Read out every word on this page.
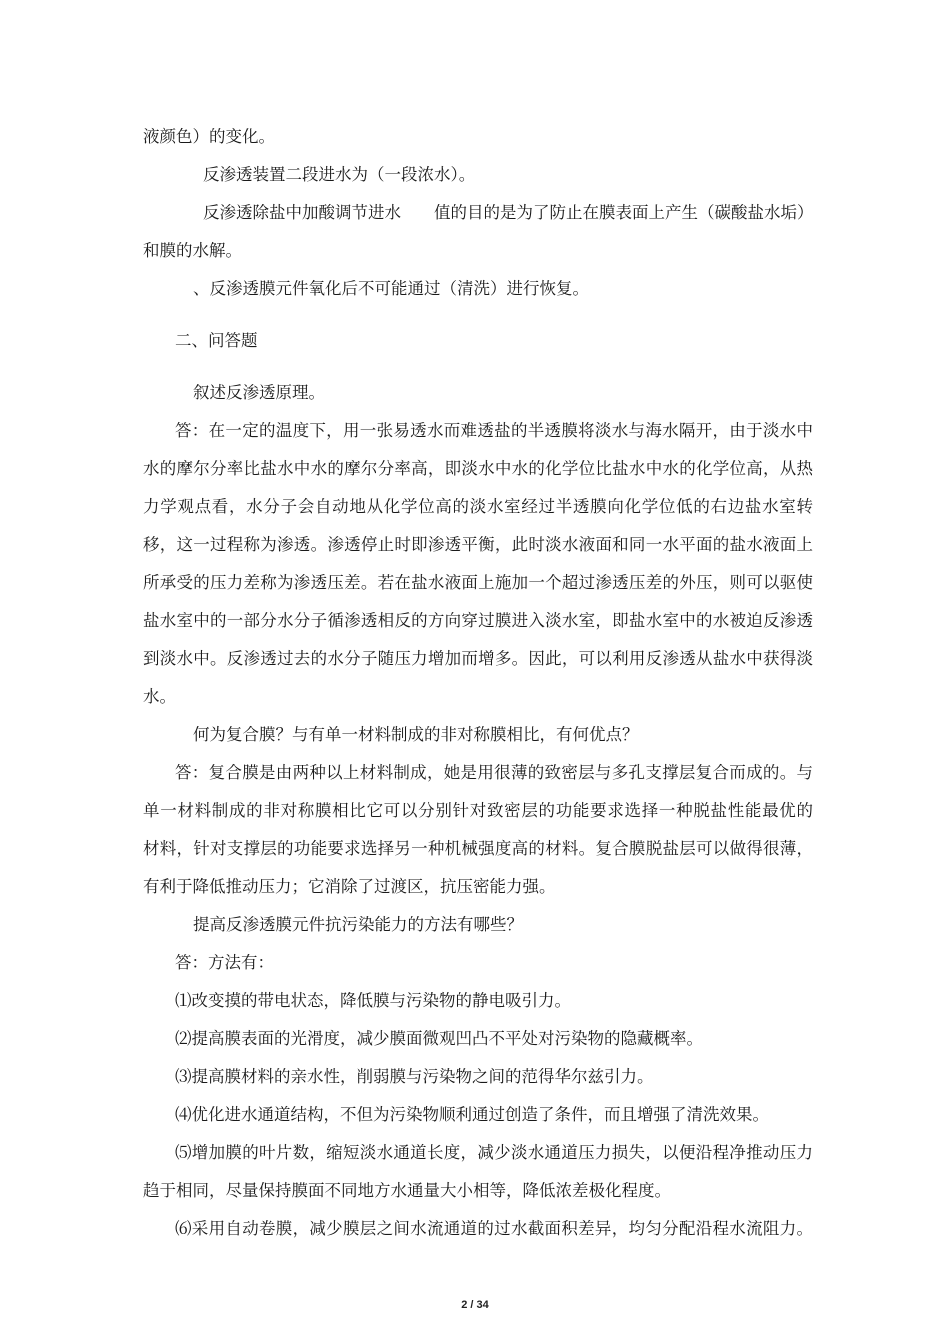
液颜色）的变化。
反渗透装置二段进水为（一段浓水）。
反渗透除盐中加酸调节进水　　值的目的是为了防止在膜表面上产生（碳酸盐水垢）
和膜的水解。
、反渗透膜元件氧化后不可能通过（清洗）进行恢复。
二、问答题
叙述反渗透原理。
答：在一定的温度下，用一张易透水而难透盐的半透膜将淡水与海水隔开，由于淡水中
水的摩尔分率比盐水中水的摩尔分率高，即淡水中水的化学位比盐水中水的化学位高，从热
力学观点看，水分子会自动地从化学位高的淡水室经过半透膜向化学位低的右边盐水室转
移，这一过程称为渗透。渗透停止时即渗透平衡，此时淡水液面和同一水平面的盐水液面上
所承受的压力差称为渗透压差。若在盐水液面上施加一个超过渗透压差的外压，则可以驱使
盐水室中的一部分水分子循渗透相反的方向穿过膜进入淡水室，即盐水室中的水被迫反渗透
到淡水中。反渗透过去的水分子随压力增加而增多。因此，可以利用反渗透从盐水中获得淡
水。
何为复合膜？与有单一材料制成的非对称膜相比，有何优点？
答：复合膜是由两种以上材料制成，她是用很薄的致密层与多孔支撑层复合而成的。与
单一材料制成的非对称膜相比它可以分别针对致密层的功能要求选择一种脱盐性能最优的
材料，针对支撑层的功能要求选择另一种机械强度高的材料。复合膜脱盐层可以做得很薄，
有利于降低推动压力；它消除了过渡区，抗压密能力强。
提高反渗透膜元件抗污染能力的方法有哪些？
答：方法有：
⑴改变摸的带电状态，降低膜与污染物的静电吸引力。
⑵提高膜表面的光滑度，减少膜面微观凹凸不平处对污染物的隐藏概率。
⑶提高膜材料的亲水性，削弱膜与污染物之间的范得华尔兹引力。
⑷优化进水通道结构，不但为污染物顺利通过创造了条件，而且增强了清洗效果。
⑸增加膜的叶片数，缩短淡水通道长度，减少淡水通道压力损失，以便沿程净推动压力
趋于相同，尽量保持膜面不同地方水通量大小相等，降低浓差极化程度。
⑹采用自动卷膜，减少膜层之间水流通道的过水截面积差异，均匀分配沿程水流阻力。
2 / 34
